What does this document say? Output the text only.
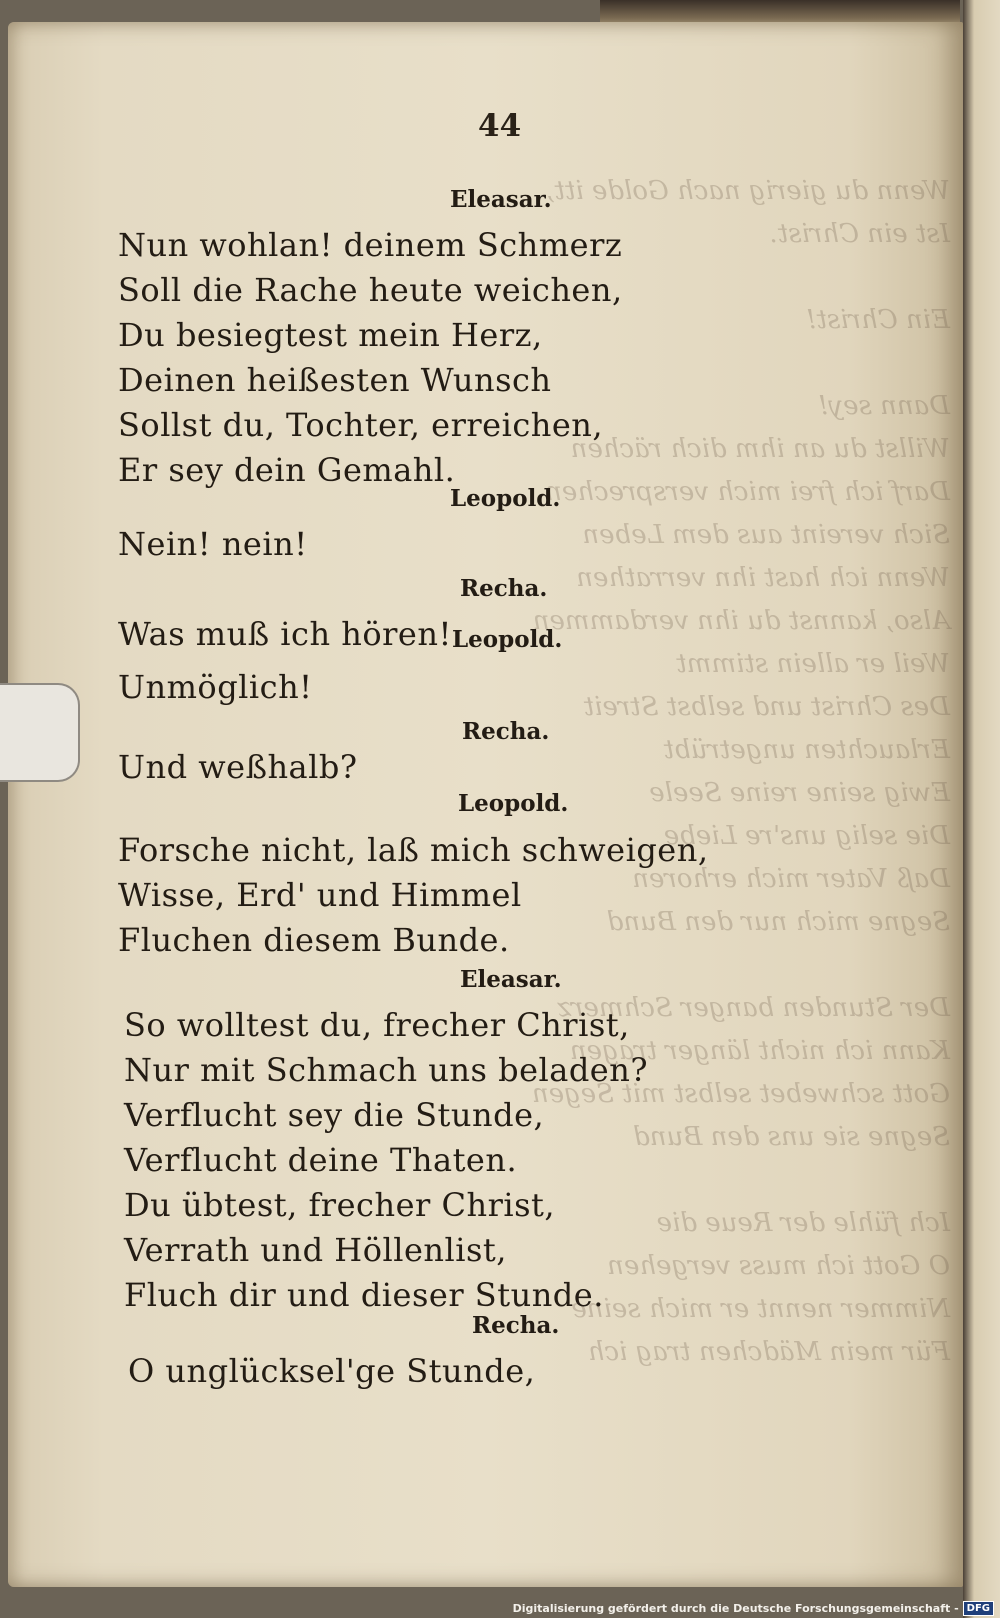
Wenn du gierig nach Golde itt,
Ist ein Christ.

Ein Christ!

Dann sey!
Willst du an ihm dich rächen
Darf ich frei mich versprechen
Sich vereint aus dem Leben
Wenn ich hast ihn verrathen
Also, kannst du ihn verdammen
Weil er allein stimmt
Des Christ und selbst Streit
Erlauchten ungetrübt
Ewig seine reine Seele
Die selig uns're Liebe
Daß Vater mich erhoren
Segne mich nur den Bund

Der Stunden banger Schmerz
Kann ich nicht länger tragen
Gott schwebet selbst mit Segen
Segne sie uns den Bund

Ich fühle der Reue die
O Gott ich muss vergehen
Nimmer nennt er mich seine
Für mein Mädchen trag ich
44
Eleasar.
Nun wohlan! deinem Schmerz
Soll die Rache heute weichen,
Du besiegtest mein Herz,
Deinen heißesten Wunsch
Sollst du, Tochter, erreichen,
Er sey dein Gemahl.
Leopold.
Nein! nein!
Recha.
Was muß ich hören! Leopold.
Unmöglich!
Recha.
Und weßhalb?
Leopold.
Forsche nicht, laß mich schweigen,
Wisse, Erd' und Himmel
Fluchen diesem Bunde.
Eleasar.
So wolltest du, frecher Christ,
Nur mit Schmach uns beladen?
Verflucht sey die Stunde,
Verflucht deine Thaten.
Du übtest, frecher Christ,
Verrath und Höllenlist,
Fluch dir und dieser Stunde.
Recha.
O unglücksel'ge Stunde,
Digitalisierung gefördert durch die Deutsche Forschungsgemeinschaft - DFG
